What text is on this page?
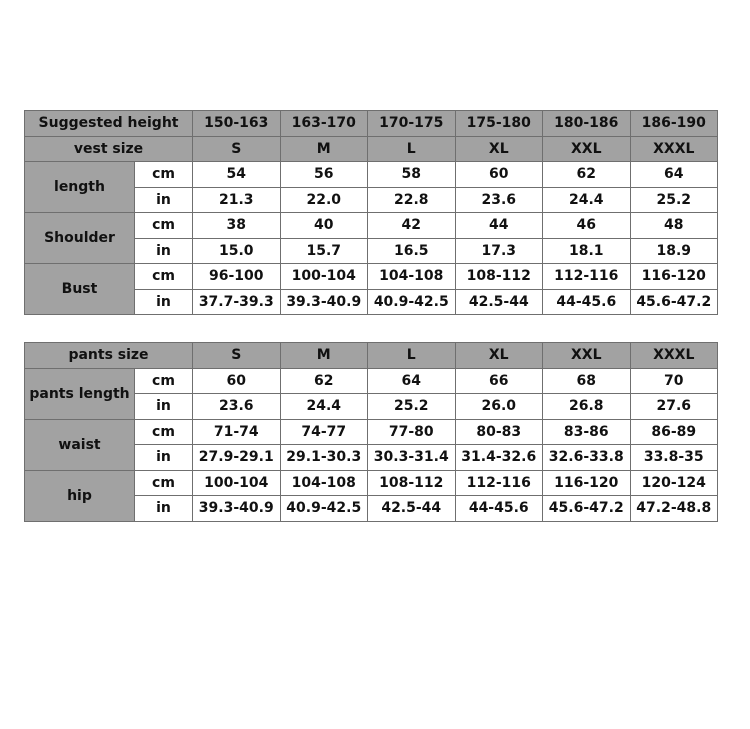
Suggested height		150-163	163-170	170-175	175-180	180-186	186-190
vest size		S	M	L	XL	XXL	XXXL
length	cm	54	56	58	60	62	64
	in	21.3	22.0	22.8	23.6	24.4	25.2
Shoulder	cm	38	40	42	44	46	48
	in	15.0	15.7	16.5	17.3	18.1	18.9
Bust	cm	96-100	100-104	104-108	108-112	112-116	116-120
	in	37.7-39.3	39.3-40.9	40.9-42.5	42.5-44	44-45.6	45.6-47.2
pants size		S	M	L	XL	XXL	XXXL
pants length	cm	60	62	64	66	68	70
	in	23.6	24.4	25.2	26.0	26.8	27.6
waist	cm	71-74	74-77	77-80	80-83	83-86	86-89
	in	27.9-29.1	29.1-30.3	30.3-31.4	31.4-32.6	32.6-33.8	33.8-35
hip	cm	100-104	104-108	108-112	112-116	116-120	120-124
	in	39.3-40.9	40.9-42.5	42.5-44	44-45.6	45.6-47.2	47.2-48.8
